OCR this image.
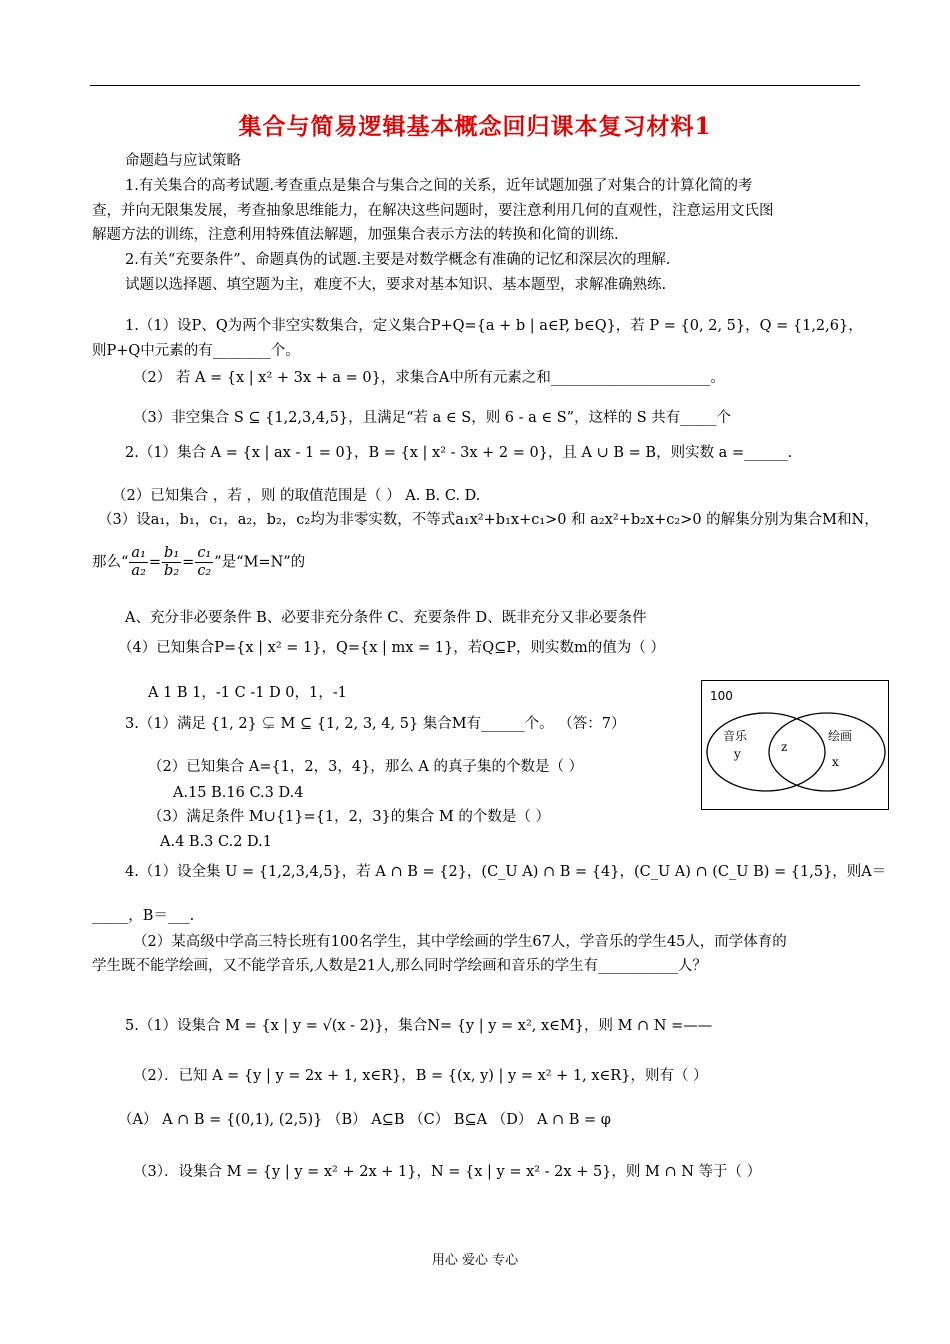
集合与简易逻辑基本概念回归课本复习材料1
命题趋与应试策略
1.有关集合的高考试题.考查重点是集合与集合之间的关系，近年试题加强了对集合的计算化简的考
查，并向无限集发展，考查抽象思维能力，在解决这些问题时，要注意利用几何的直观性，注意运用文氏图
解题方法的训练，注意利用特殊值法解题，加强集合表示方法的转换和化简的训练.
2.有关“充要条件”、命题真伪的试题.主要是对数学概念有准确的记忆和深层次的理解.
试题以选择题、填空题为主，难度不大，要求对基本知识、基本题型，求解准确熟练.
1.（1）设P、Q为两个非空实数集合，定义集合P+Q={a + b | a∈P, b∈Q}，若 P = {0, 2, 5}，Q = {1,2,6}，
则P+Q中元素的有________个。
（2） 若 A = {x | x² + 3x + a = 0}，求集合A中所有元素之和______________________。
（3）非空集合 S ⊆ {1,2,3,4,5}，且满足“若 a ∈ S，则 6 - a ∈ S”，这样的 S 共有_____个
2.（1）集合 A = {x | ax - 1 = 0}，B = {x | x² - 3x + 2 = 0}，且 A ∪ B = B，则实数 a =______.
（2）已知集合 ，若 ，则 的取值范围是（ ） A. B. C. D.
（3）设a₁，b₁，c₁，a₂，b₂，c₂均为非零实数，不等式a₁x²+b₁x+c₁>0 和 a₂x²+b₂x+c₂>0 的解集分别为集合M和N，
那么“ $\frac{\text{a₁}}{\text{a₂}} = \frac{\text{b₁}}{\text{b₂}} = \frac{\text{c₁}}{\text{c₂}}$ ”是“M=N”的
A、充分非必要条件 B、必要非充分条件 C、充要条件 D、既非充分又非必要条件
（4）已知集合P={x | x² = 1}，Q={x | mx = 1}，若Q⊆P，则实数m的值为（ ）
A 1 B 1，-1 C -1 D 0，1，-1
3.（1）满足 {1, 2} ⊊ M ⊆ {1, 2, 3, 4, 5} 集合M有______个。 （答：7）
（2）已知集合 A={1，2，3，4}，那么 A 的真子集的个数是（ ）
A.15 B.16 C.3 D.4
（3）满足条件 M∪{1}={1，2，3}的集合 M 的个数是（ ）
A.4 B.3 C.2 D.1
4.（1）设全集 U = {1,2,3,4,5}，若 A ∩ B = {2}，(C_U A) ∩ B = {4}，(C_U A) ∩ (C_U B) = {1,5}，则A＝
_____，B＝___.
（2）某高级中学高三特长班有100名学生，其中学绘画的学生67人，学音乐的学生45人，而学体育的
学生既不能学绘画，又不能学音乐,人数是21人,那么同时学绘画和音乐的学生有___________人？
5.（1）设集合 M = {x | y = √(x - 2)}，集合N= {y | y = x², x∈M}，则 M ∩ N =——
（2）．已知 A = {y | y = 2x + 1, x∈R}，B = {(x, y) | y = x² + 1, x∈R}，则有（ ）
（A） A ∩ B = {(0,1), (2,5)} （B） A⊆B （C） B⊆A （D） A ∩ B = φ
（3）．设集合 M = {y | y = x² + 2x + 1}，N = {x | y = x² - 2x + 5}，则 M ∩ N 等于（ ）
100
音乐
y	z
绘画
x
用心 爱心 专心
